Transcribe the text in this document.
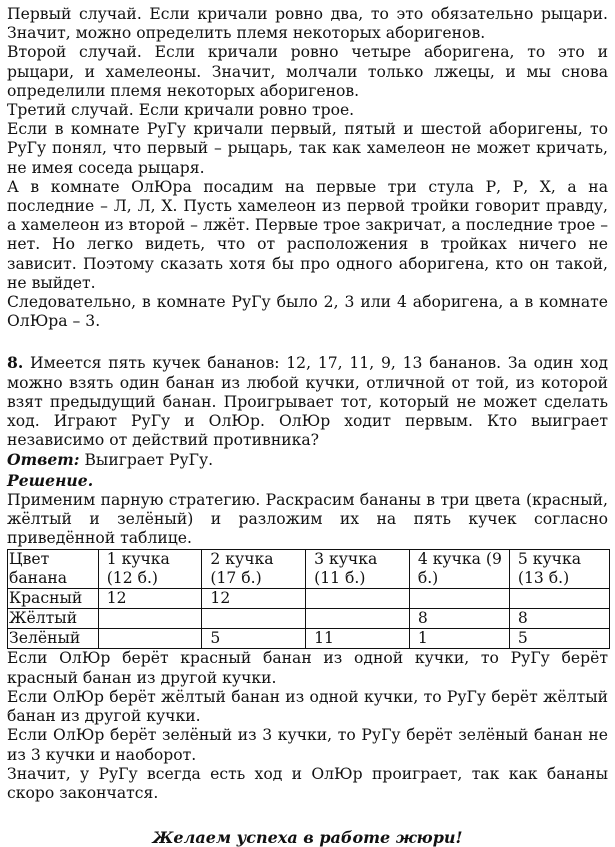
Первый случай. Если кричали ровно два, то это обязательно рыцари. Значит, можно определить племя некоторых аборигенов.

Второй случай. Если кричали ровно четыре аборигена, то это и рыцари, и хамелеоны. Значит, молчали только лжецы, и мы снова определили племя некоторых аборигенов.

Третий случай. Если кричали ровно трое.

Если в комнате РуГу кричали первый, пятый и шестой аборигены, то РуГу понял, что первый – рыцарь, так как хамелеон не может кричать, не имея соседа рыцаря.

А в комнате ОлЮра посадим на первые три стула Р, Р, Х, а на последние – Л, Л, Х. Пусть хамелеон из первой тройки говорит правду, а хамелеон из второй – лжёт. Первые трое закричат, а последние трое – нет. Но легко видеть, что от расположения в тройках ничего не зависит. Поэтому сказать хотя бы про одного аборигена, кто он такой, не выйдет.

Следовательно, в комнате РуГу было 2, 3 или 4 аборигена, а в комнате ОлЮра – 3.

8. Имеется пять кучек бананов: 12, 17, 11, 9, 13 бананов. За один ход можно взять один банан из любой кучки, отличной от той, из которой взят предыдущий банан. Проигрывает тот, который не может сделать ход. Играют РуГу и ОлЮр. ОлЮр ходит первым. Кто выиграет независимо от действий противника?

Ответ: Выиграет РуГу.

Решение.

Применим парную стратегию. Раскрасим бананы в три цвета (красный, жёлтый и зелёный) и разложим их на пять кучек согласно приведённой таблице.

Цвет банана	1 кучка (12 б.)	2 кучка (17 б.)	3 кучка (11 б.)	4 кучка (9 б.)	5 кучка (13 б.)
Красный	12	12			
Жёлтый				8	8
Зелёный		5	11	1	5

Если ОлЮр берёт красный банан из одной кучки, то РуГу берёт красный банан из другой кучки.

Если ОлЮр берёт жёлтый банан из одной кучки, то РуГу берёт жёлтый банан из другой кучки.

Если ОлЮр берёт зелёный из 3 кучки, то РуГу берёт зелёный банан не из 3 кучки и наоборот.

Значит, у РуГу всегда есть ход и ОлЮр проиграет, так как бананы скоро закончатся.

Желаем успеха в работе жюри!
